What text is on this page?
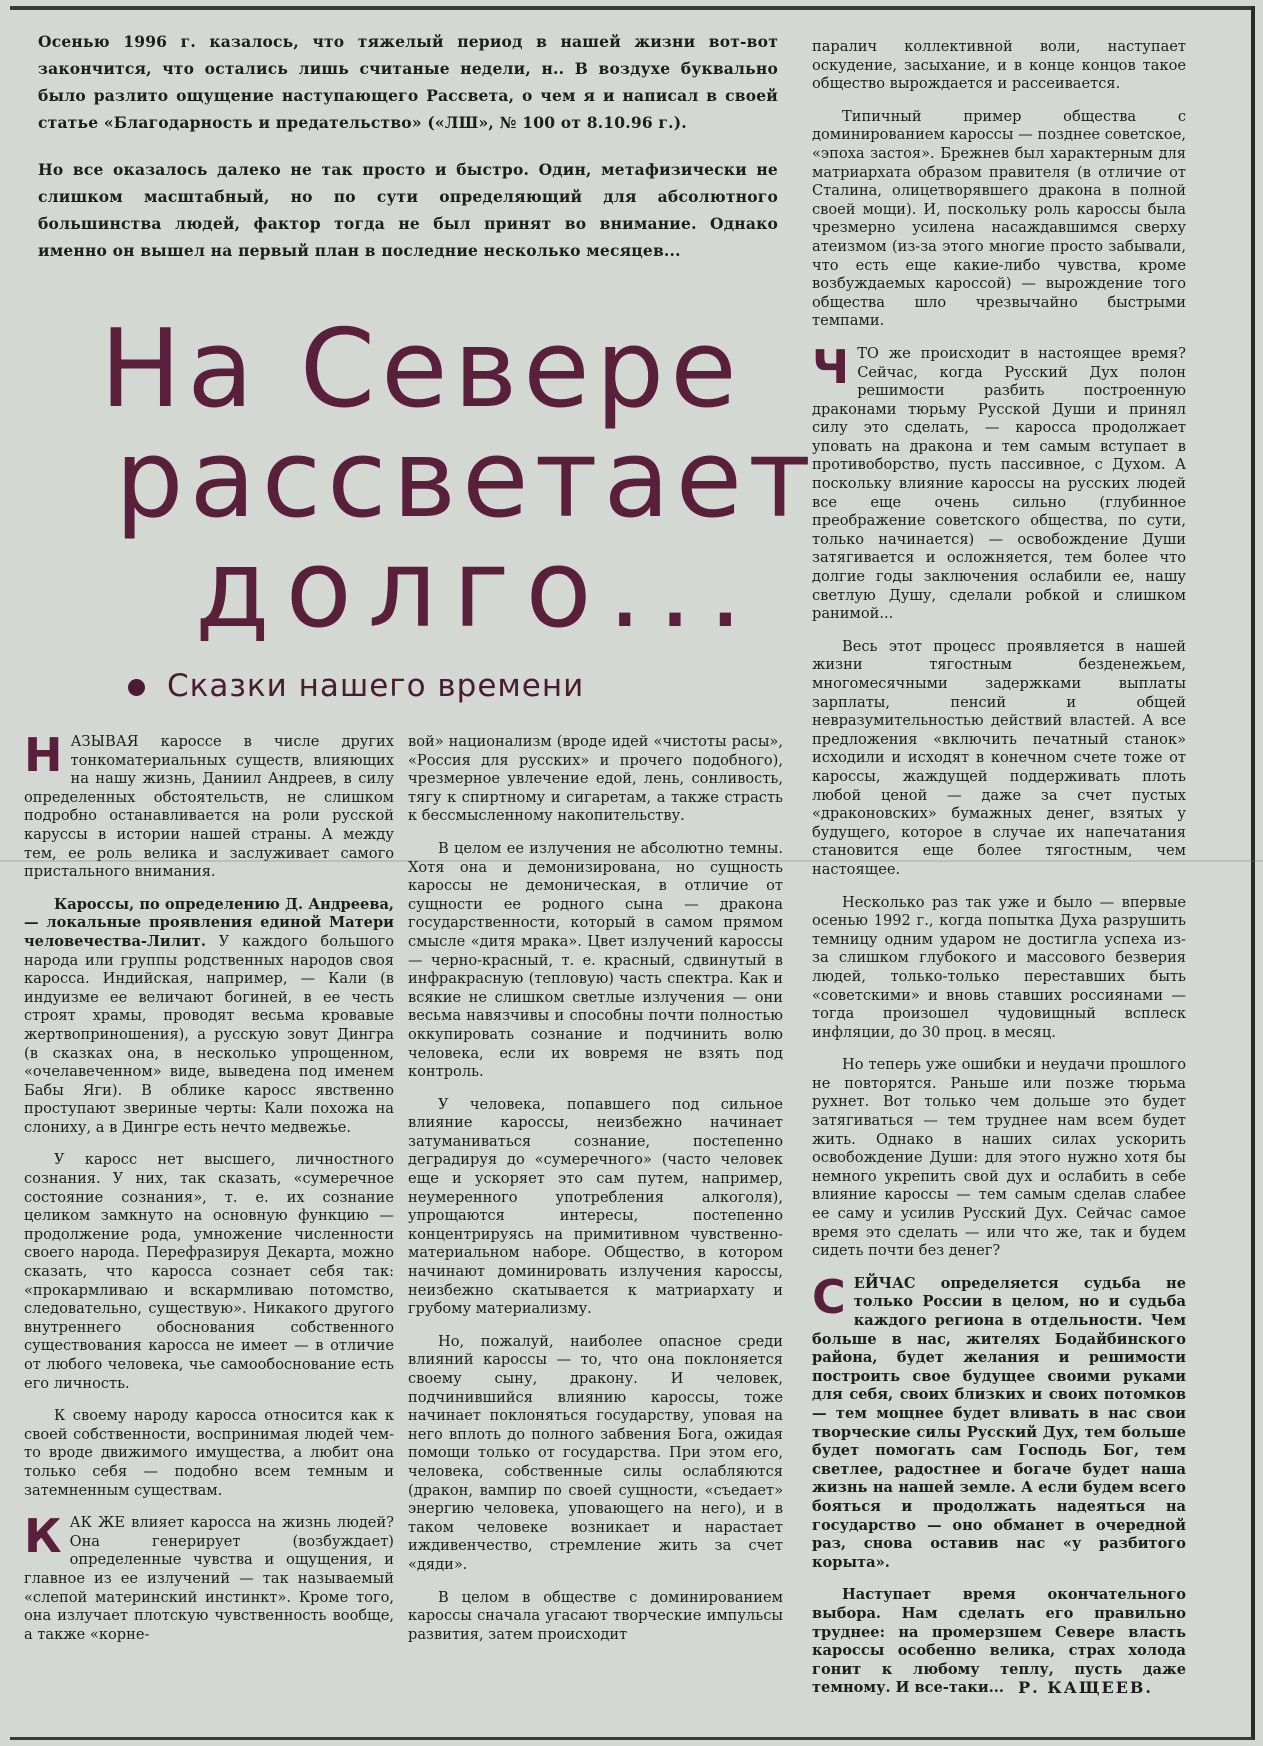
Осенью 1996 г. казалось, что тяжелый период в нашей жизни вот-вот закончится, что остались лишь считаные недели, н.. В воздухе буквально было разлито ощущение наступающего Рассвета, о чем я и написал в своей статье «Благодарность и предательство» («ЛШ», № 100 от 8.10.96 г.).

Но все оказалось далеко не так просто и быстро. Один, метафизически не слишком масштабный, но по сути определяющий для абсолютного большинства людей, фактор тогда не был принят во внимание. Однако именно он вышел на первый план в последние несколько месяцев...

На Севере
рассветает
долго...
Сказки нашего времени

НАЗЫВАЯ кароссе в числе других тонкоматериальных существ, влияющих на нашу жизнь, Даниил Андреев, в силу определенных обстоятельств, не слишком подробно останавливается на роли русской каруссы в истории нашей страны. А между тем, ее роль велика и заслуживает самого пристального внимания.

Кароссы, по определению Д. Андреева, — локальные проявления единой Матери человечества-Лилит. У каждого большого народа или группы родственных народов своя каросса. Индийская, например, — Кали (в индуизме ее величают богиней, в ее честь строят храмы, проводят весьма кровавые жертвоприношения), а русскую зовут Дингра (в сказках она, в несколько упрощенном, «очелавеченном» виде, выведена под именем Бабы Яги). В облике каросс явственно проступают звериные черты: Кали похожа на слониху, а в Дингре есть нечто медвежье.

У каросс нет высшего, личностного сознания. У них, так сказать, «сумеречное состояние сознания», т. е. их сознание целиком замкнуто на основную функцию — продолжение рода, умножение численности своего народа. Перефразируя Декарта, можно сказать, что каросса сознает себя так: «прокармливаю и вскармливаю потомство, следовательно, существую». Никакого другого внутреннего обоснования собственного существования каросса не имеет — в отличие от любого человека, чье самообоснование есть его личность.

К своему народу каросса относится как к своей собственности, воспринимая людей чем-то вроде движимого имущества, а любит она только себя — подобно всем темным и затемненным существам.

КАК ЖЕ влияет каросса на жизнь людей? Она генерирует (возбуждает) определенные чувства и ощущения, и главное из ее излучений — так называемый «слепой материнский инстинкт». Кроме того, она излучает плотскую чувственность вообще, а также «корне-

вой» национализм (вроде идей «чистоты расы», «Россия для русских» и прочего подобного), чрезмерное увлечение едой, лень, сонливость, тягу к спиртному и сигаретам, а также страсть к бессмысленному накопительству.

В целом ее излучения не абсолютно темны. Хотя она и демонизирована, но сущность кароссы не демоническая, в отличие от сущности ее родного сына — дракона государственности, который в самом прямом смысле «дитя мрака». Цвет излучений кароссы — черно-красный, т. е. красный, сдвинутый в инфракрасную (тепловую) часть спектра. Как и всякие не слишком светлые излучения — они весьма навязчивы и способны почти полностью оккупировать сознание и подчинить волю человека, если их вовремя не взять под контроль.

У человека, попавшего под сильное влияние кароссы, неизбежно начинает затуманиваться сознание, постепенно деградируя до «сумеречного» (часто человек еще и ускоряет это сам путем, например, неумеренного употребления алкоголя), упрощаются интересы, постепенно концентрируясь на примитивном чувственно-материальном наборе. Общество, в котором начинают доминировать излучения кароссы, неизбежно скатывается к матриархату и грубому материализму.

Но, пожалуй, наиболее опасное среди влияний кароссы — то, что она поклоняется своему сыну, дракону. И человек, подчинившийся влиянию кароссы, тоже начинает поклоняться государству, уповая на него вплоть до полного забвения Бога, ожидая помощи только от государства. При этом его, человека, собственные силы ослабляются (дракон, вампир по своей сущности, «съедает» энергию человека, уповающего на него), и в таком человеке возникает и нарастает иждивенчество, стремление жить за счет «дяди».

В целом в обществе с доминированием кароссы сначала угасают творческие импульсы развития, затем происходит

паралич коллективной воли, наступает оскудение, засыхание, и в конце концов такое общество вырождается и рассеивается.

Типичный пример общества с доминированием кароссы — позднее советское, «эпоха застоя». Брежнев был характерным для матриархата образом правителя (в отличие от Сталина, олицетворявшего дракона в полной своей мощи). И, поскольку роль кароссы была чрезмерно усилена насаждавшимся сверху атеизмом (из-за этого многие просто забывали, что есть еще какие-либо чувства, кроме возбуждаемых кароссой) — вырождение того общества шло чрезвычайно быстрыми темпами.

ЧТО же происходит в настоящее время? Сейчас, когда Русский Дух полон решимости разбить построенную драконами тюрьму Русской Души и принял силу это сделать, — каросса продолжает уповать на дракона и тем самым вступает в противоборство, пусть пассивное, с Духом. А поскольку влияние кароссы на русских людей все еще очень сильно (глубинное преображение советского общества, по сути, только начинается) — освобождение Души затягивается и осложняется, тем более что долгие годы заключения ослабили ее, нашу светлую Душу, сделали робкой и слишком ранимой...

Весь этот процесс проявляется в нашей жизни тягостным безденежьем, многомесячными задержками выплаты зарплаты, пенсий и общей невразумительностью действий властей. А все предложения «включить печатный станок» исходили и исходят в конечном счете тоже от кароссы, жаждущей поддерживать плоть любой ценой — даже за счет пустых «драконовских» бумажных денег, взятых у будущего, которое в случае их напечатания становится еще более тягостным, чем настоящее.

Несколько раз так уже и было — впервые осенью 1992 г., когда попытка Духа разрушить темницу одним ударом не достигла успеха из-за слишком глубокого и массового безверия людей, только-только переставших быть «советскими» и вновь ставших россиянами — тогда произошел чудовищный всплеск инфляции, до 30 проц. в месяц.

Но теперь уже ошибки и неудачи прошлого не повторятся. Раньше или позже тюрьма рухнет. Вот только чем дольше это будет затягиваться — тем труднее нам всем будет жить. Однако в наших силах ускорить освобождение Души: для этого нужно хотя бы немного укрепить свой дух и ослабить в себе влияние кароссы — тем самым сделав слабее ее саму и усилив Русский Дух. Сейчас самое время это сделать — или что же, так и будем сидеть почти без денег?

СЕЙЧАС определяется судьба не только России в целом, но и судьба каждого региона в отдельности. Чем больше в нас, жителях Бодайбинского района, будет желания и решимости построить свое будущее своими руками для себя, своих близких и своих потомков — тем мощнее будет вливать в нас свои творческие силы Русский Дух, тем больше будет помогать сам Господь Бог, тем светлее, радостнее и богаче будет наша жизнь на нашей земле. А если будем всего бояться и продолжать надеяться на государство — оно обманет в очередной раз, снова оставив нас «у разбитого корыта».

Наступает время окончательного выбора. Нам сделать его правильно труднее: на промерзшем Севере власть кароссы особенно велика, страх холода гонит к любому теплу, пусть даже темному. И все-таки... Р. КАЩЕЕВ.
